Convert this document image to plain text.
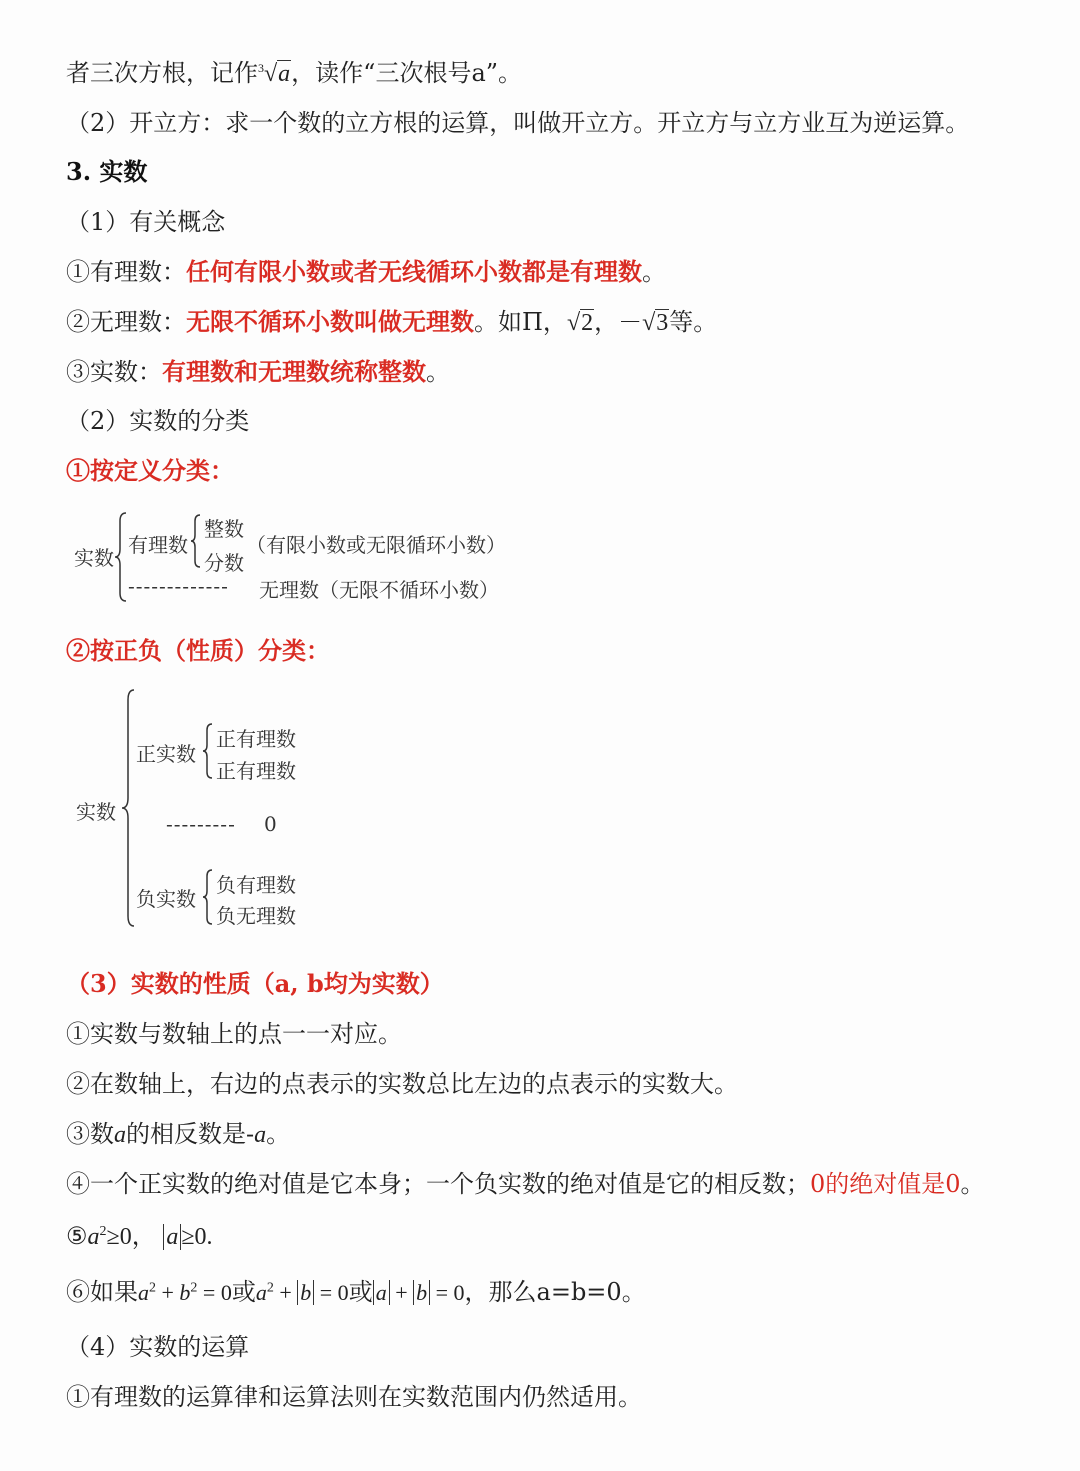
者三次方根，记作$^3$√a，读作“三次根号a”。
（2）开立方：求一个数的立方根的运算，叫做开立方。开立方与立方业互为逆运算。
3. 实数
（1）有关概念
①有理数：任何有限小数或者无线循环小数都是有理数。
②无理数：无限不循环小数叫做无理数。如Π，√2，－√3等。
③实数：有理数和无理数统称整数。
（2）实数的分类
①按定义分类：
实数
有理数
整数
分数
（有限小数或无限循环小数）
------------- 无理数（无限不循环小数）
②按正负（性质）分类：
实数
正实数
正有理数
正有理数
--------- 0
负实数
负有理数
负无理数
（3）实数的性质（a, b均为实数）
①实数与数轴上的点一一对应。
②在数轴上，右边的点表示的实数总比左边的点表示的实数大。
③数a的相反数是-a。
④一个正实数的绝对值是它本身；一个负实数的绝对值是它的相反数；0的绝对值是0。
$⑤a^2\ge 0$， a ≥0.
⑥如果$a^2 + b^2 = 0$或$a^2 + b = 0$或 a + b = 0，那么a=b=0。
（4）实数的运算
①有理数的运算律和运算法则在实数范围内仍然适用。
